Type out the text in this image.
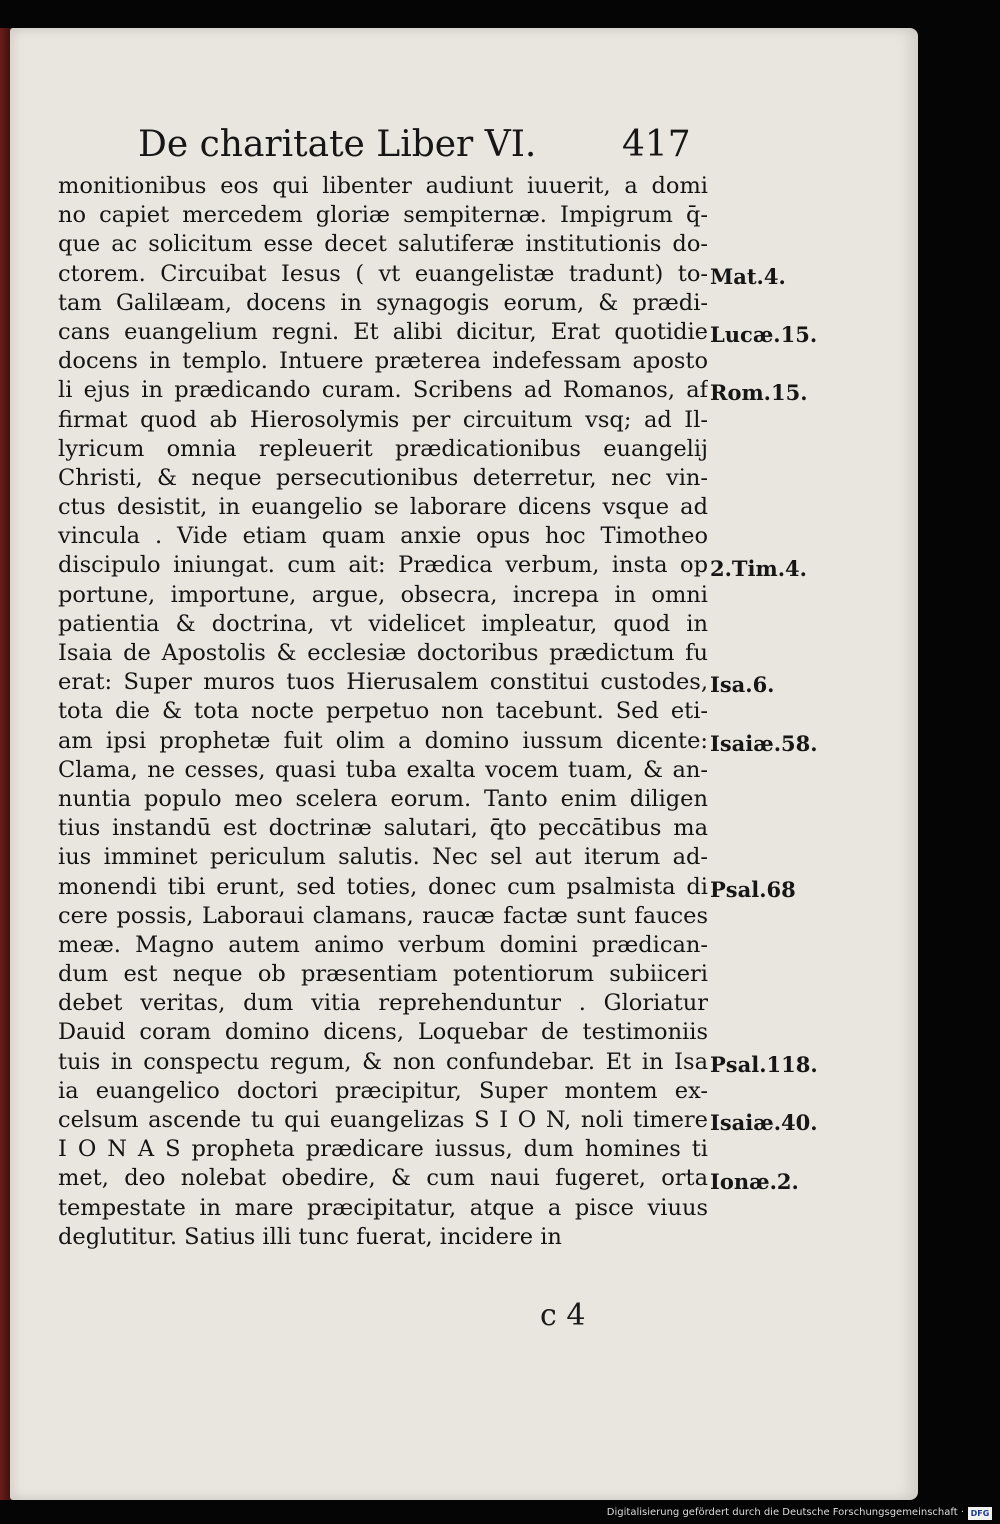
De charitate Liber VI. 417
monitionibus eos qui libenter audiunt iuuerit, a domi
no capiet mercedem gloriæ sempiternæ. Impigrum q̄-
que ac solicitum esse decet salutiferæ institutionis do-
ctorem. Circuibat Iesus ( vt euangelistæ tradunt) to-
tam Galilæam, docens in synagogis eorum, & prædi-
cans euangelium regni. Et alibi dicitur, Erat quotidie
docens in templo. Intuere præterea indefessam aposto
li ejus in prædicando curam. Scribens ad Romanos, af
firmat quod ab Hierosolymis per circuitum vsq; ad Il-
lyricum omnia repleuerit prædicationibus euangelij
Christi, & neque persecutionibus deterretur, nec vin-
ctus desistit, in euangelio se laborare dicens vsque ad
vincula . Vide etiam quam anxie opus hoc Timotheo
discipulo iniungat. cum ait: Prædica verbum, insta op
portune, importune, argue, obsecra, increpa in omni
patientia & doctrina, vt videlicet impleatur, quod in
Isaia de Apostolis & ecclesiæ doctoribus prædictum fu
erat: Super muros tuos Hierusalem constitui custodes,
tota die & tota nocte perpetuo non tacebunt. Sed eti-
am ipsi prophetæ fuit olim a domino iussum dicente:
Clama, ne cesses, quasi tuba exalta vocem tuam, & an-
nuntia populo meo scelera eorum. Tanto enim diligen
tius instandū est doctrinæ salutari, q̄to peccātibus ma
ius imminet periculum salutis. Nec sel aut iterum ad-
monendi tibi erunt, sed toties, donec cum psalmista di
cere possis, Laboraui clamans, raucæ factæ sunt fauces
meæ. Magno autem animo verbum domini prædican-
dum est neque ob præsentiam potentiorum subiiceri
debet veritas, dum vitia reprehenduntur . Gloriatur
Dauid coram domino dicens, Loquebar de testimoniis
tuis in conspectu regum, & non confundebar. Et in Isa
ia euangelico doctori præcipitur, Super montem ex-
celsum ascende tu qui euangelizas S I O N, noli timere
I O N A S propheta prædicare iussus, dum homines ti
met, deo nolebat obedire, & cum naui fugeret, orta
tempestate in mare præcipitatur, atque a pisce viuus
deglutitur. Satius illi tunc fuerat, incidere in
Mat.4.
Lucæ.15.
Rom.15.
2.Tim.4.
Isa.6.
Isaiæ.58.
Psal.68
Psal.118.
Isaiæ.40.
Ionæ.2.
c 4
Digitalisierung gefördert durch die Deutsche Forschungsgemeinschaft · DFG
